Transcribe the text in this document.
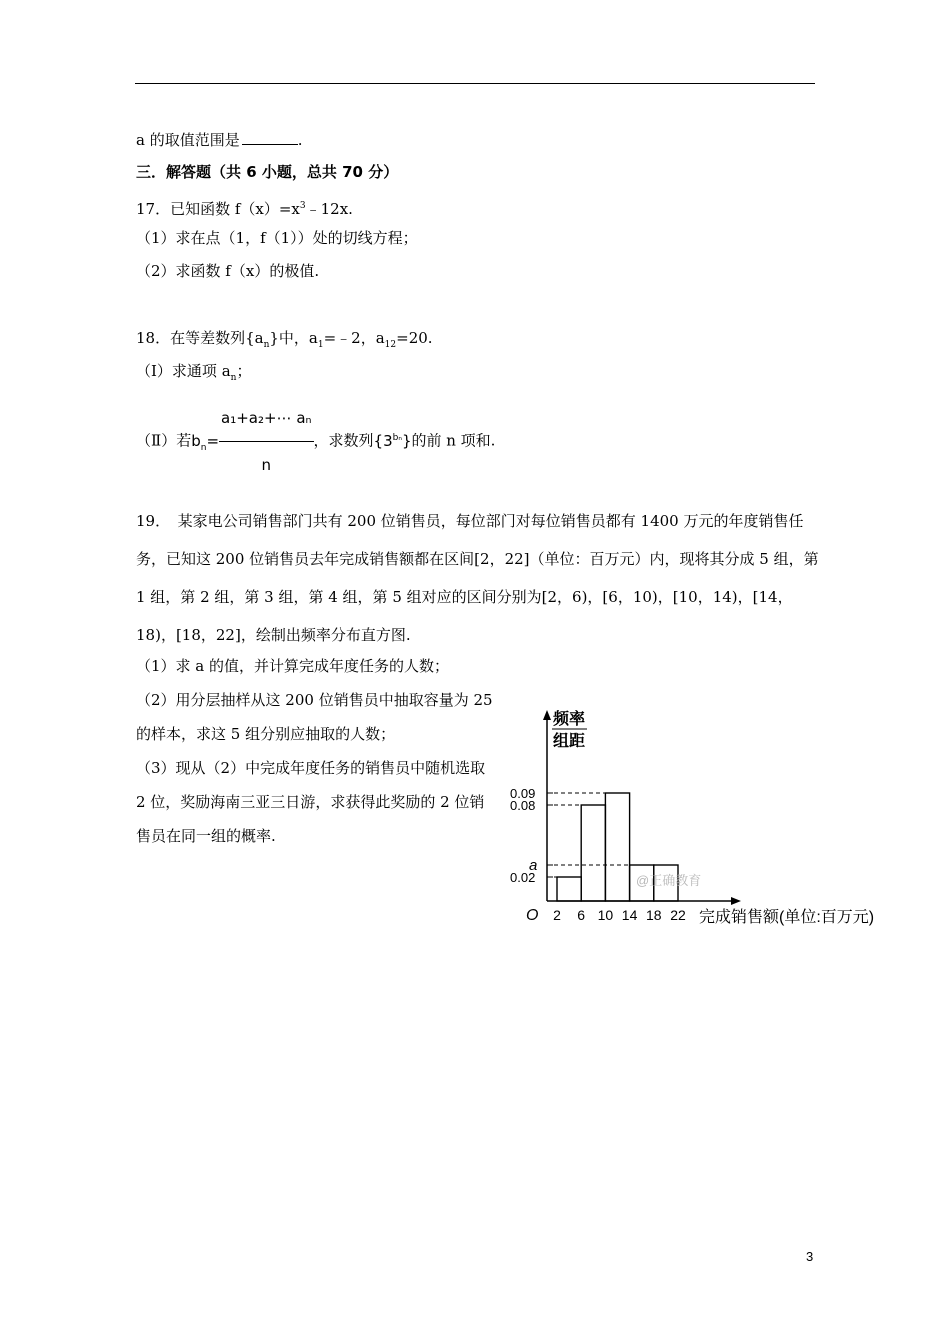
a 的取值范围是	.
三．解答题（共 6 小题，总共 70 分）
17．已知函数 $f(x)=x^3﹣12x$.
（1）求在点（1，f（1））处的切线方程；
（2）求函数 f（x）的极值.
18．在等差数列$\{a_n\}$中，$a_1=﹣2$，$a_{12}=20$.
（Ⅰ）求通项 $a_n$；
（Ⅱ）若$b_n= \frac{\text{a₁+a₂+⋯ aₙ}}{n}$ ，求数列$\{3^{b_n}\}$的前 n 项和.
19．　某家电公司销售部门共有 200 位销售员，每位部门对每位销售员都有 1400 万元的年度销售任务，已知这 200 位销售员去年完成销售额都在区间[2，22]（单位：百万元）内，现将其分成 5 组，第 1 组，第 2 组，第 3 组，第 4 组，第 5 组对应的区间分别为[2，6)，[6，10)，[10，14)，[14，18)，[18，22]，绘制出频率分布直方图.
（1）求 a 的值，并计算完成年度任务的人数；
（2）用分层抽样从这 200 位销售员中抽取容量为 25 的样本，求这 5 组分别应抽取的人数；
（3）现从（2）中完成年度任务的销售员中随机选取 2 位，奖励海南三亚三日游，求获得此奖励的 2 位销售员在同一组的概率.
频率
组距
0.02
a
0.08
0.09
2 6 10 14 18 22
O	完成销售额(单位:百万元)
@正确教育
3
